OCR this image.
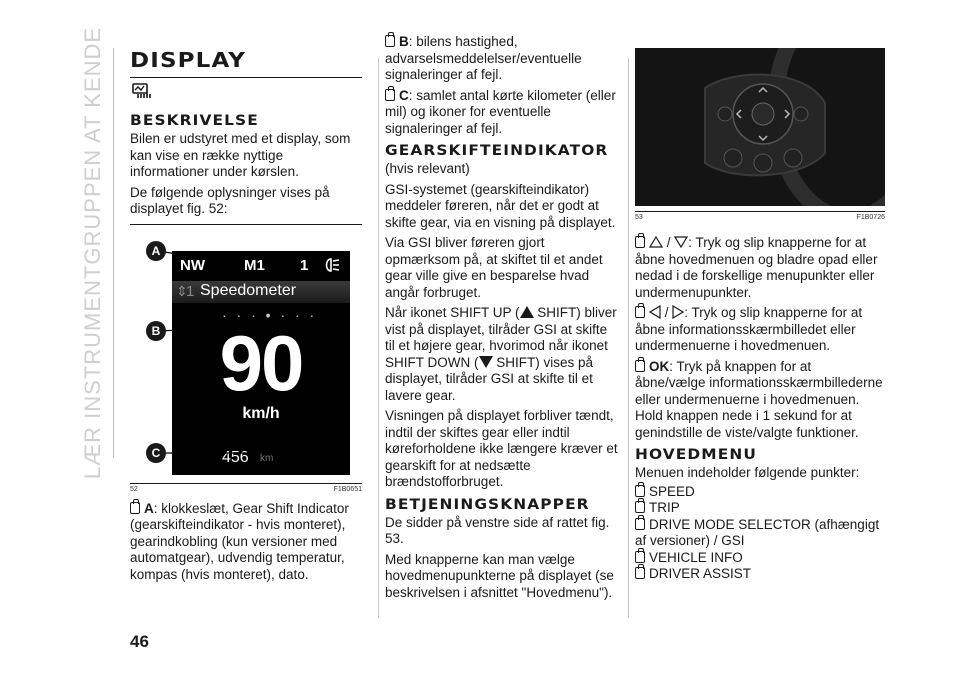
LÆR INSTRUMENTGRUPPEN AT KENDE DISPLAY
BESKRIVELSE

Bilen er udstyret med et display, som kan vise en række nyttige informationer under kørslen.

De følgende oplysninger vises på displayet fig. 52:

NW	M1 1
⇕
1 Speedometer
· · · • · · ·
90
km/h
456 km
A
B
C
52	F1B0651

A: klokkeslæt, Gear Shift Indicator (gearskifteindikator - hvis monteret), gearindkobling (kun versioner med automatgear), udvendig temperatur, kompas (hvis monteret), dato.

46

B: bilens hastighed, advarselsmeddelelser/eventuelle signaleringer af fejl.

C: samlet antal kørte kilometer (eller mil) og ikoner for eventuelle signaleringer af fejl.

GEARSKIFTEINDIKATOR

(hvis relevant)

GSI-systemet (gearskifteindikator) meddeler føreren, når det er godt at skifte gear, via en visning på displayet.

Via GSI bliver føreren gjort opmærksom på, at skiftet til et andet gear ville give en besparelse hvad angår forbruget.

Når ikonet SHIFT UP ( SHIFT) bliver vist på displayet, tilråder GSI at skifte til et højere gear, hvorimod når ikonet SHIFT DOWN ( SHIFT) vises på displayet, tilråder GSI at skifte til et lavere gear.

Visningen på displayet forbliver tændt, indtil der skiftes gear eller indtil køreforholdene ikke længere kræver et gearskift for at nedsætte brændstofforbruget.

BETJENINGSKNAPPER

De sidder på venstre side af rattet fig. 53.

Med knapperne kan man vælge hovedmenupunkterne på displayet (se beskrivelsen i afsnittet "Hovedmenu").

53	F1B0726

/ : Tryk og slip knapperne for at åbne hovedmenuen og bladre opad eller nedad i de forskellige menupunkter eller undermenupunkter.

/ : Tryk og slip knapperne for at åbne informationsskærmbilledet eller undermenuerne i hovedmenuen.

OK: Tryk på knappen for at åbne/vælge informationsskærmbillederne eller undermenuerne i hovedmenuen.

Hold knappen nede i 1 sekund for at genindstille de viste/valgte funktioner.

HOVEDMENU

Menuen indeholder følgende punkter:

SPEED
TRIP
DRIVE MODE SELECTOR (afhængigt af versioner) / GSI
VEHICLE INFO
DRIVER ASSIST
